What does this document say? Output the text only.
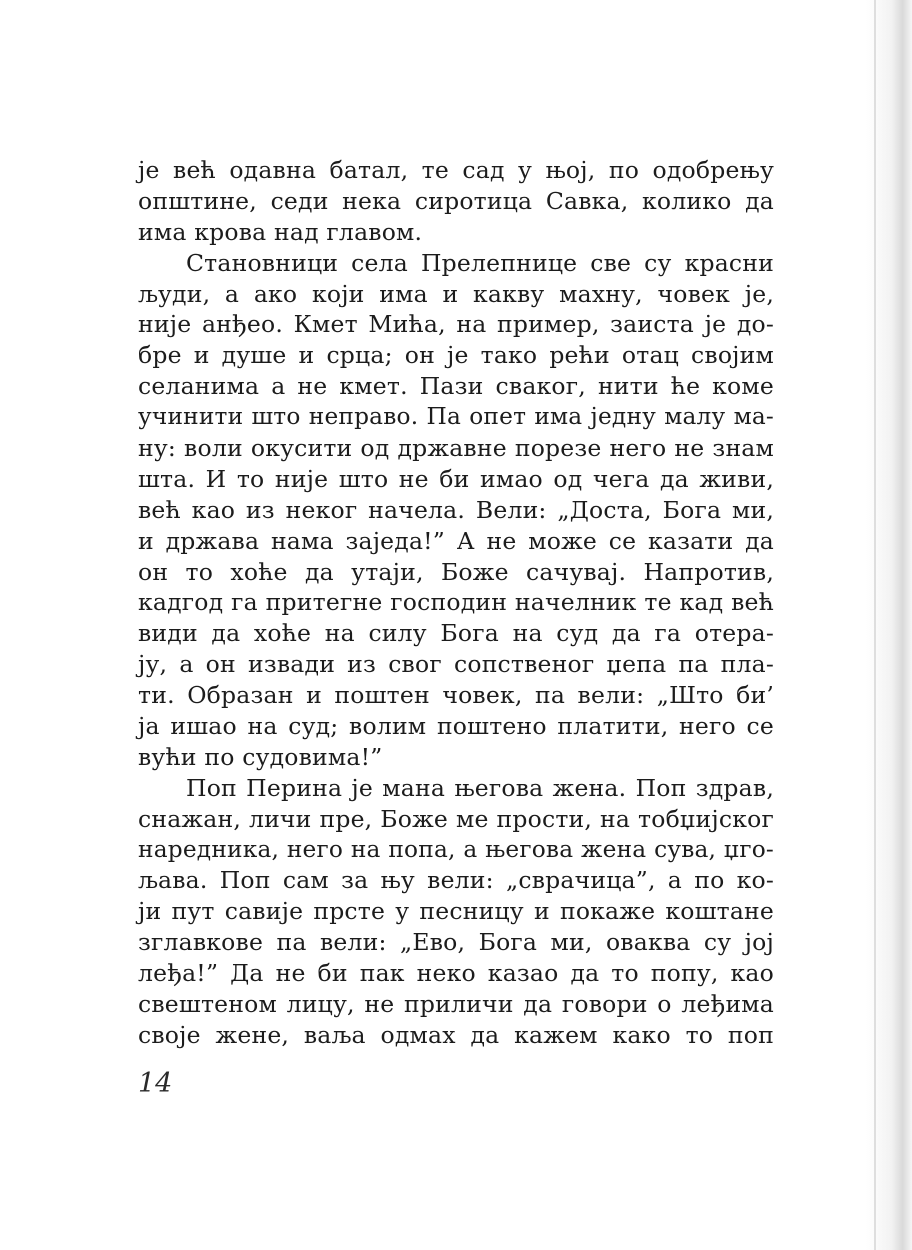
је већ одавна батал, те сад у њој, по одобрењу
општине, седи нека сиротица Савка, колико да
има крова над главом.
Становници села Прелепнице све су красни
људи, а ако који има и какву махну, човек је,
није анђео. Кмет Мића, на пример, заиста је до-
бре и душе и срца; он је тако рећи отац својим
селанима а не кмет. Пази сваког, нити ће коме
учинити што неправо. Па опет има једну малу ма-
ну: воли окусити од државне порезе него не знам
шта. И то није што не би имао од чега да живи,
већ као из неког начела. Вели: „Доста, Бога ми,
и држава нама заједа!” А не може се казати да
он то хоће да утаји, Боже сачувај. Напротив,
кадгод га притегне господин начелник те кад већ
види да хоће на силу Бога на суд да га отера-
ју, а он извади из свог сопственог џепа па пла-
ти. Образан и поштен човек, па вели: „Што би’
ја ишао на суд; волим поштено платити, него се
вући по судовима!”
Поп Перина је мана његова жена. Поп здрав,
снажан, личи пре, Боже ме прости, на тобџијског
наредника, него на попа, а његова жена сува, џго-
љава. Поп сам за њу вели: „сврачица”, а по ко-
ји пут савије прсте у песницу и покаже коштане
зглавкове па вели: „Ево, Бога ми, оваква су јој
леђа!” Да не би пак неко казао да то попу, као
свештеном лицу, не приличи да говори о леђима
своје жене, ваља одмах да кажем како то поп
14
